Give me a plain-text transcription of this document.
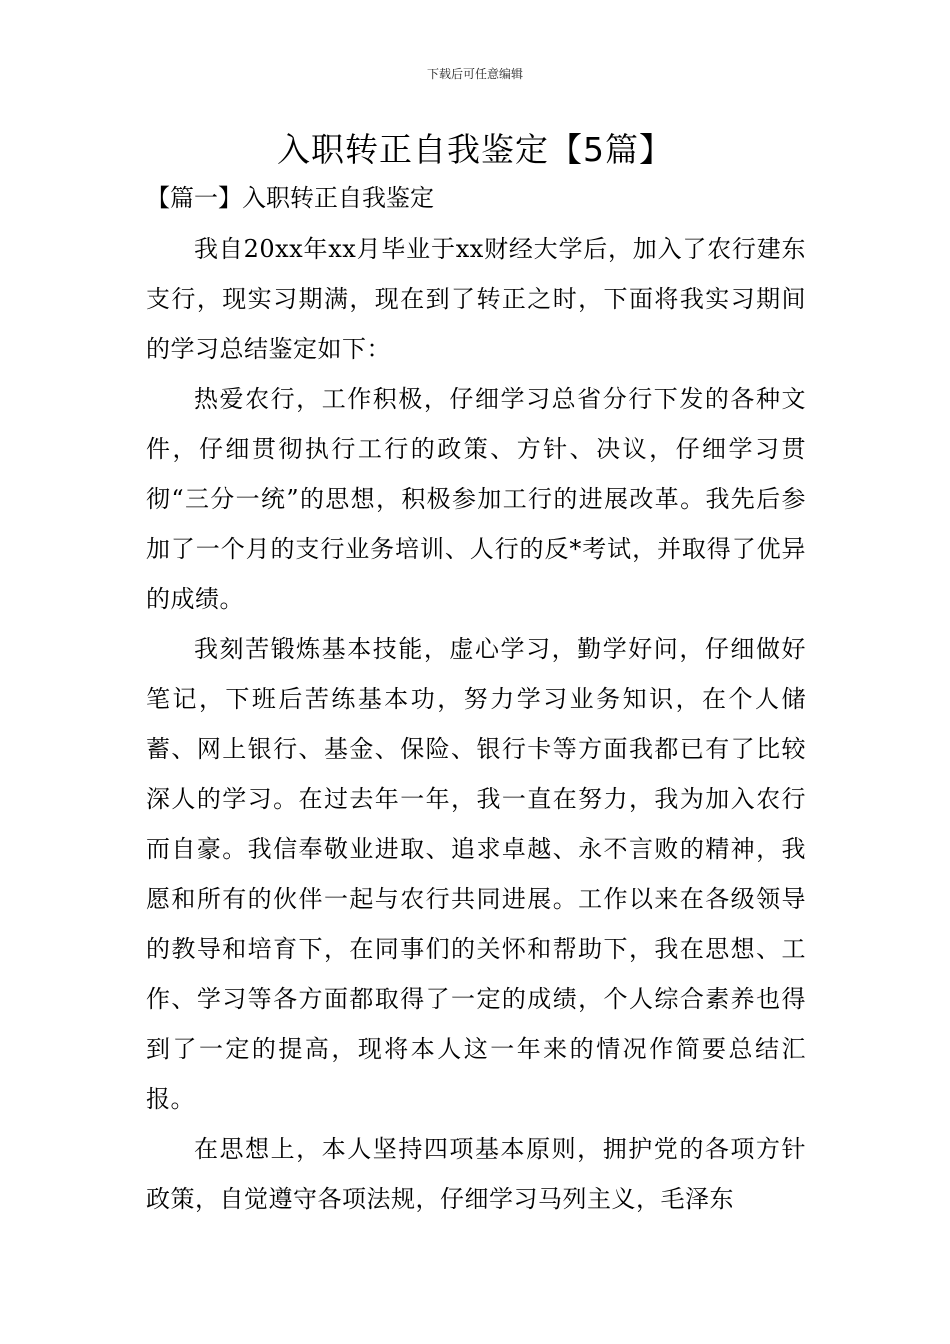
下载后可任意编辑
入职转正自我鉴定【5篇】
【篇一】入职转正自我鉴定

我自20xx年xx月毕业于xx财经大学后，加入了农行建东支行，现实习期满，现在到了转正之时，下面将我实习期间的学习总结鉴定如下：

热爱农行，工作积极，仔细学习总省分行下发的各种文件，仔细贯彻执行工行的政策、方针、决议，仔细学习贯彻“三分一统”的思想，积极参加工行的进展改革。我先后参加了一个月的支行业务培训、人行的反*考试，并取得了优异的成绩。

我刻苦锻炼基本技能，虚心学习，勤学好问，仔细做好笔记，下班后苦练基本功，努力学习业务知识，在个人储蓄、网上银行、基金、保险、银行卡等方面我都已有了比较深人的学习。在过去年一年，我一直在努力，我为加入农行而自豪。我信奉敬业进取、追求卓越、永不言败的精神，我愿和所有的伙伴一起与农行共同进展。工作以来在各级领导的教导和培育下，在同事们的关怀和帮助下，我在思想、工作、学习等各方面都取得了一定的成绩，个人综合素养也得到了一定的提高，现将本人这一年来的情况作简要总结汇报。

在思想上，本人坚持四项基本原则，拥护党的各项方针政策，自觉遵守各项法规，仔细学习马列主义，毛泽东
